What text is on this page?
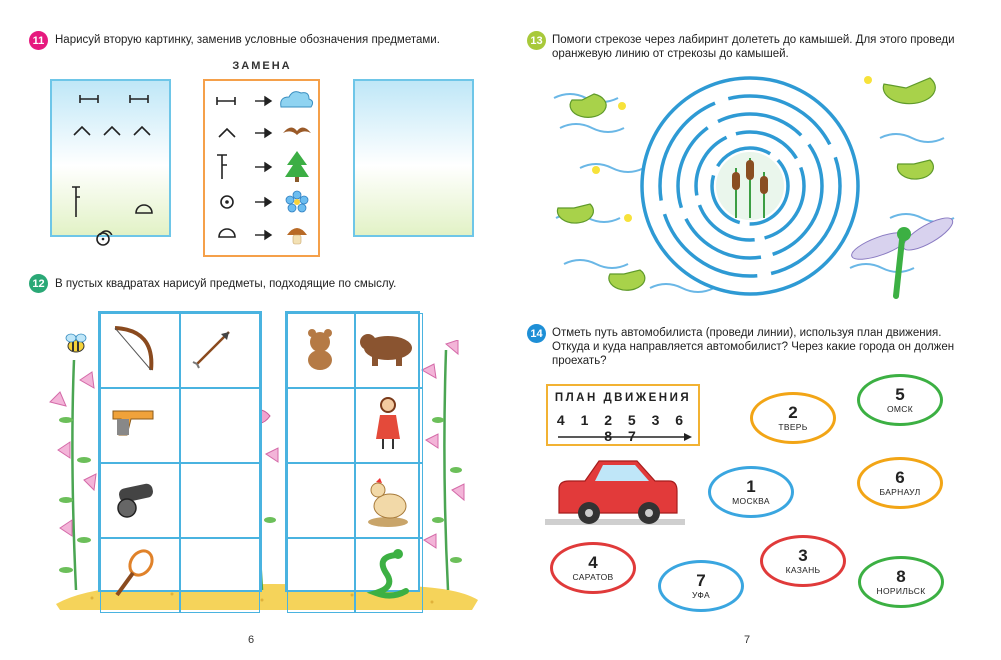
11 Нарисуй вторую картинку, заменив условные обозначения предметами.
ЗАМЕНА
12 В пустых квадратах нарисуй предметы, подходящие по смыслу.
6
13 Помоги стрекозе через лабиринт долететь до камышей. Для этого проведи
оранжевую линию от стрекозы до камышей.
14 Отметь путь автомобилиста (проведи линии), используя план движения.
Откуда и куда направляется автомобилист? Через какие города он должен
проехать?
ПЛАН ДВИЖЕНИЯ
4 1 2 5 3 6 8 7
2
ТВЕРЬ
5
ОМСК
1
МОСКВА
6
БАРНАУЛ
4
САРАТОВ
3
КАЗАНЬ
7
УФА
8
НОРИЛЬСК
7
